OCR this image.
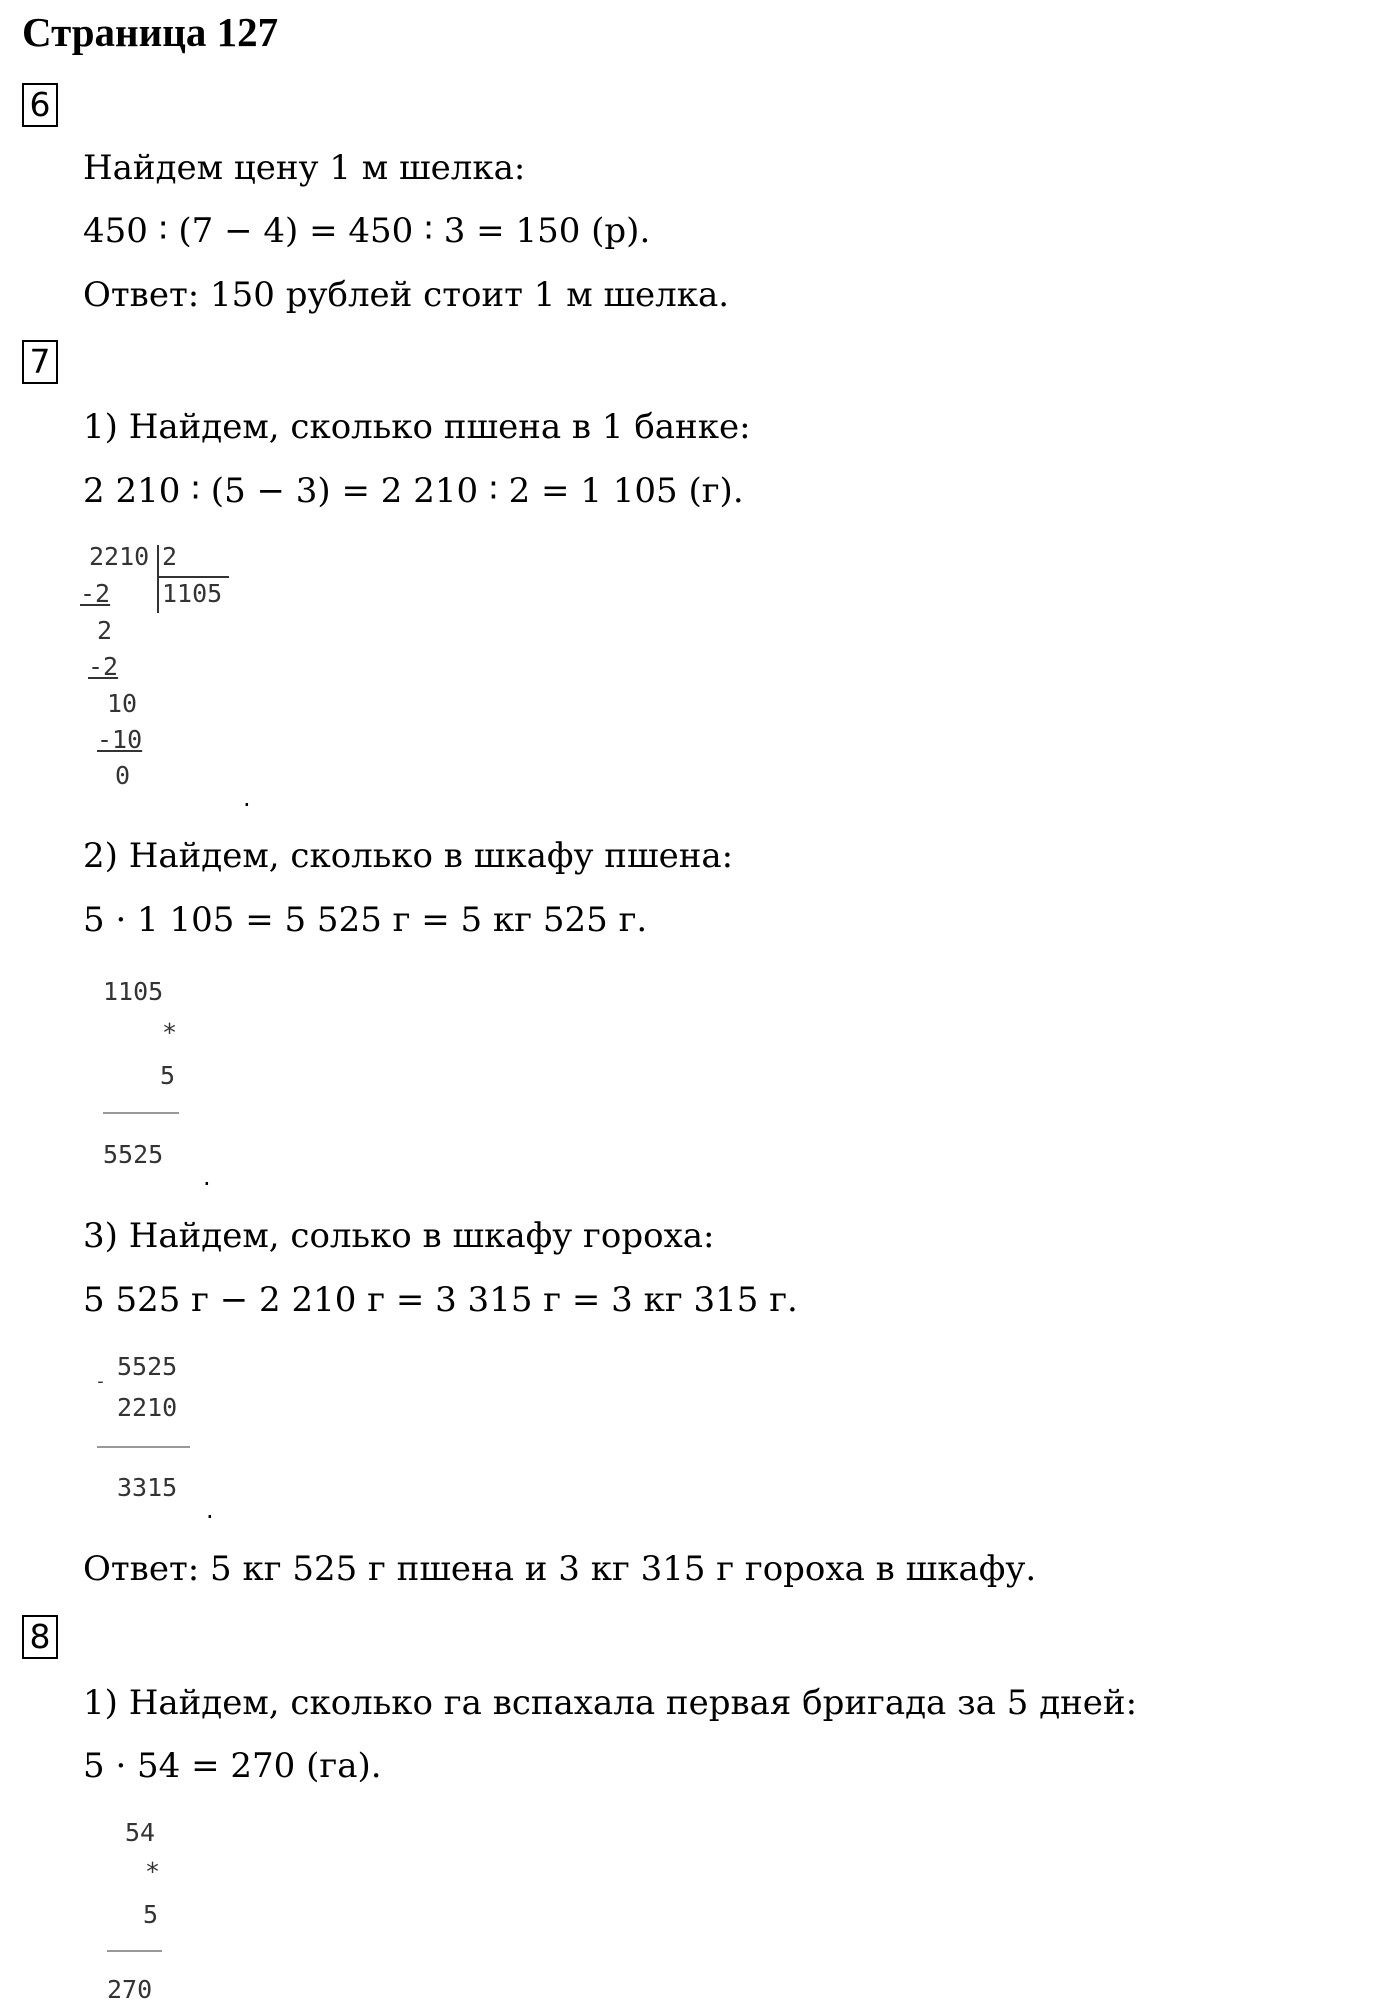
Страница 127
6
Найдем цену 1 м шелка:
450 ∶ (7 − 4) = 450 ∶ 3 = 150 (р).
Ответ: 150 рублей стоит 1 м шелка.
7
1) Найдем, сколько пшена в 1 банке:
2 210 ∶ (5 − 3) = 2 210 ∶ 2 = 1 105 (г).
2210 2
1105
-2
2
-2
10
-10
0
.
2) Найдем, сколько в шкафу пшена:
5 · 1 105 = 5 525 г = 5 кг 525 г.
1105
*
5
5525
.
3) Найдем, солько в шкафу гороха:
5 525 г − 2 210 г = 3 315 г = 3 кг 315 г.
-
5525
2210
3315
.
Ответ: 5 кг 525 г пшена и 3 кг 315 г гороха в шкафу.
8
1) Найдем, сколько га вспахала первая бригада за 5 дней:
5 · 54 = 270 (га).
54
*
5
270
